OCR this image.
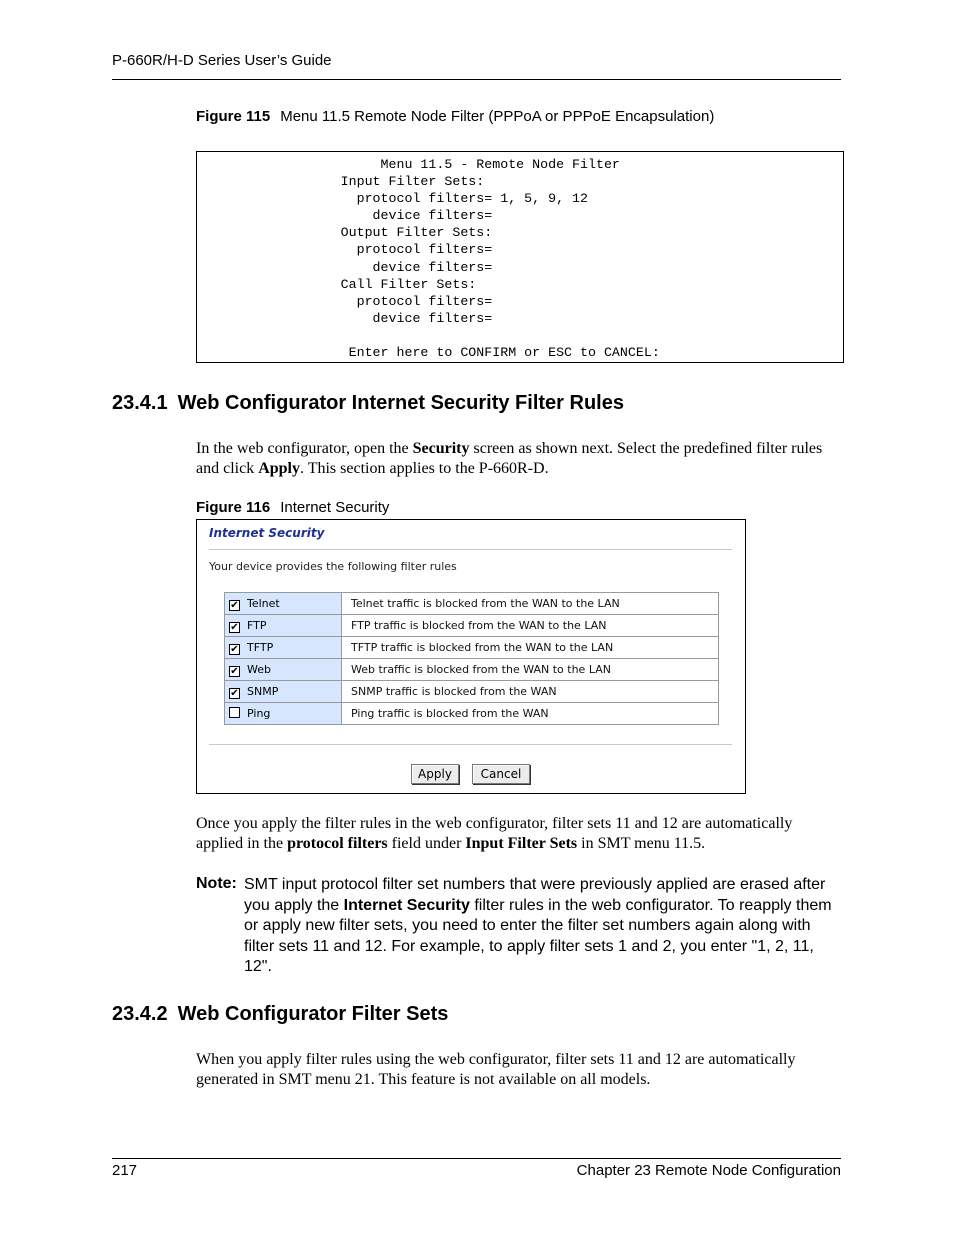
P-660R/H-D Series User’s Guide
Figure 115 Menu 11.5 Remote Node Filter (PPPoA or PPPoE Encapsulation)
Menu 11.5 - Remote Node Filter
Input Filter Sets:
protocol filters= 1, 5, 9, 12
device filters=
Output Filter Sets:
protocol filters=
device filters=
Call Filter Sets:
protocol filters=
device filters=

Enter here to CONFIRM or ESC to CANCEL:
23.4.1 Web Configurator Internet Security Filter Rules
In the web configurator, open the Security screen as shown next. Select the predefined filter rules and click Apply. This section applies to the P-660R-D.
Figure 116 Internet Security
Internet Security
Your device provides the following filter rules
✔ Telnet	Telnet traffic is blocked from the WAN to the LAN
✔ FTP	FTP traffic is blocked from the WAN to the LAN
✔ TFTP	TFTP traffic is blocked from the WAN to the LAN
✔ Web	Web traffic is blocked from the WAN to the LAN
✔ SNMP	SNMP traffic is blocked from the WAN
Ping	Ping traffic is blocked from the WAN
Apply	Cancel
Once you apply the filter rules in the web configurator, filter sets 11 and 12 are automatically applied in the protocol filters field under Input Filter Sets in SMT menu 11.5.
Note: SMT input protocol filter set numbers that were previously applied are erased after you apply the Internet Security filter rules in the web configurator. To reapply them or apply new filter sets, you need to enter the filter set numbers again along with filter sets 11 and 12. For example, to apply filter sets 1 and 2, you enter "1, 2, 11, 12".
23.4.2 Web Configurator Filter Sets
When you apply filter rules using the web configurator, filter sets 11 and 12 are automatically generated in SMT menu 21. This feature is not available on all models.
217	Chapter 23 Remote Node Configuration
